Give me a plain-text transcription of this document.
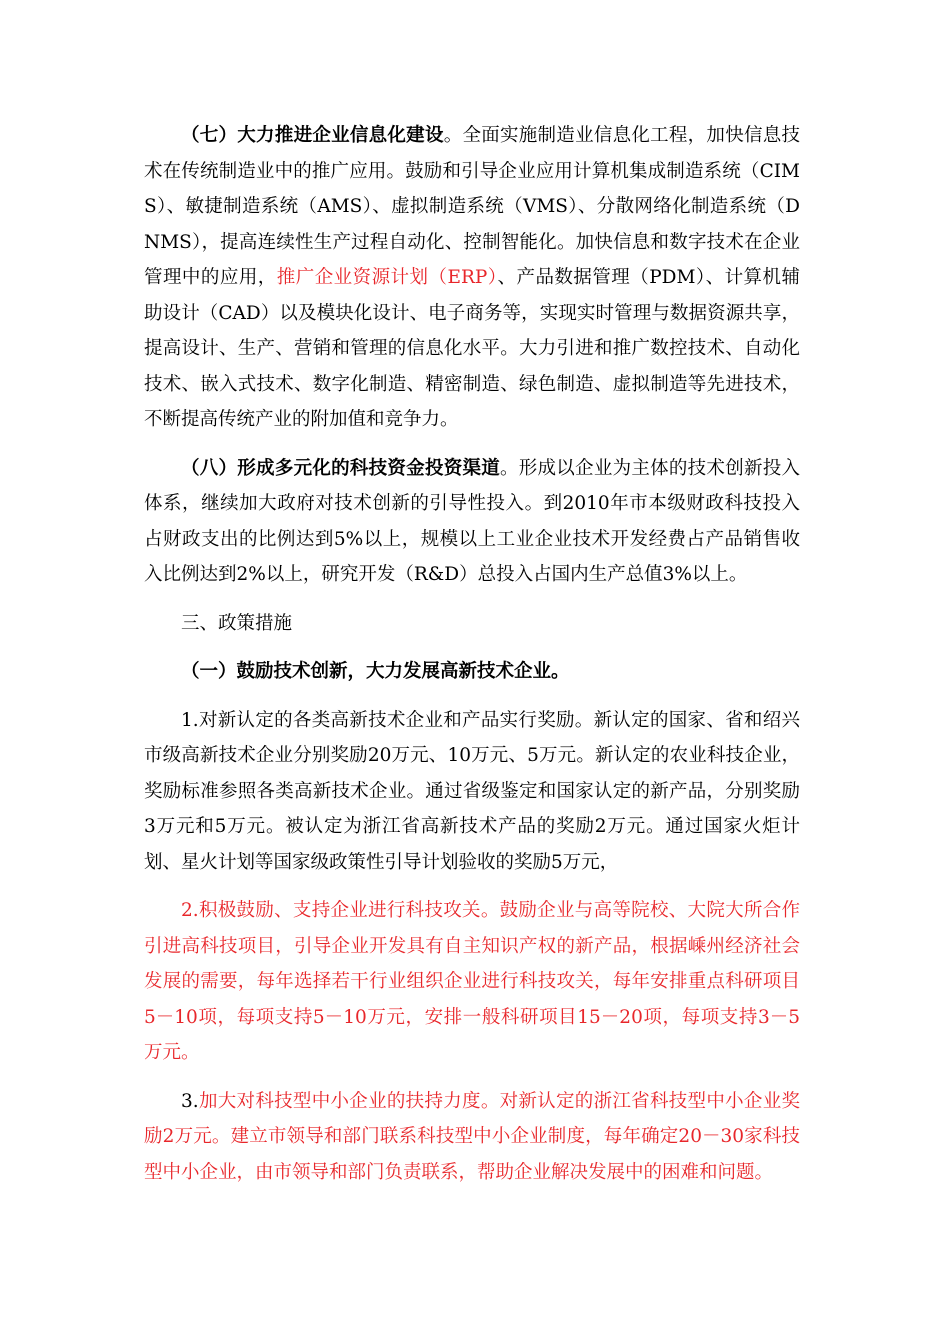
（七）大力推进企业信息化建设。全面实施制造业信息化工程，加快信息技术在传统制造业中的推广应用。鼓励和引导企业应用计算机集成制造系统（CIMS）、敏捷制造系统（AMS）、虚拟制造系统（VMS）、分散网络化制造系统（DNMS），提高连续性生产过程自动化、控制智能化。加快信息和数字技术在企业管理中的应用，推广企业资源计划（ERP）、产品数据管理（PDM）、计算机辅助设计（CAD）以及模块化设计、电子商务等，实现实时管理与数据资源共享，提高设计、生产、营销和管理的信息化水平。大力引进和推广数控技术、自动化技术、嵌入式技术、数字化制造、精密制造、绿色制造、虚拟制造等先进技术，不断提高传统产业的附加值和竞争力。

（八）形成多元化的科技资金投资渠道。形成以企业为主体的技术创新投入体系，继续加大政府对技术创新的引导性投入。到2010年市本级财政科技投入占财政支出的比例达到5%以上，规模以上工业企业技术开发经费占产品销售收入比例达到2%以上，研究开发（R&D）总投入占国内生产总值3%以上。

三、政策措施

（一）鼓励技术创新，大力发展高新技术企业。

1.对新认定的各类高新技术企业和产品实行奖励。新认定的国家、省和绍兴市级高新技术企业分别奖励20万元、10万元、5万元。新认定的农业科技企业，奖励标准参照各类高新技术企业。通过省级鉴定和国家认定的新产品，分别奖励3万元和5万元。被认定为浙江省高新技术产品的奖励2万元。通过国家火炬计划、星火计划等国家级政策性引导计划验收的奖励5万元，

2.积极鼓励、支持企业进行科技攻关。鼓励企业与高等院校、大院大所合作引进高科技项目，引导企业开发具有自主知识产权的新产品，根据嵊州经济社会发展的需要，每年选择若干行业组织企业进行科技攻关，每年安排重点科研项目5－10项，每项支持5－10万元，安排一般科研项目15－20项，每项支持3－5万元。

3.加大对科技型中小企业的扶持力度。对新认定的浙江省科技型中小企业奖励2万元。建立市领导和部门联系科技型中小企业制度，每年确定20－30家科技型中小企业，由市领导和部门负责联系，帮助企业解决发展中的困难和问题。
